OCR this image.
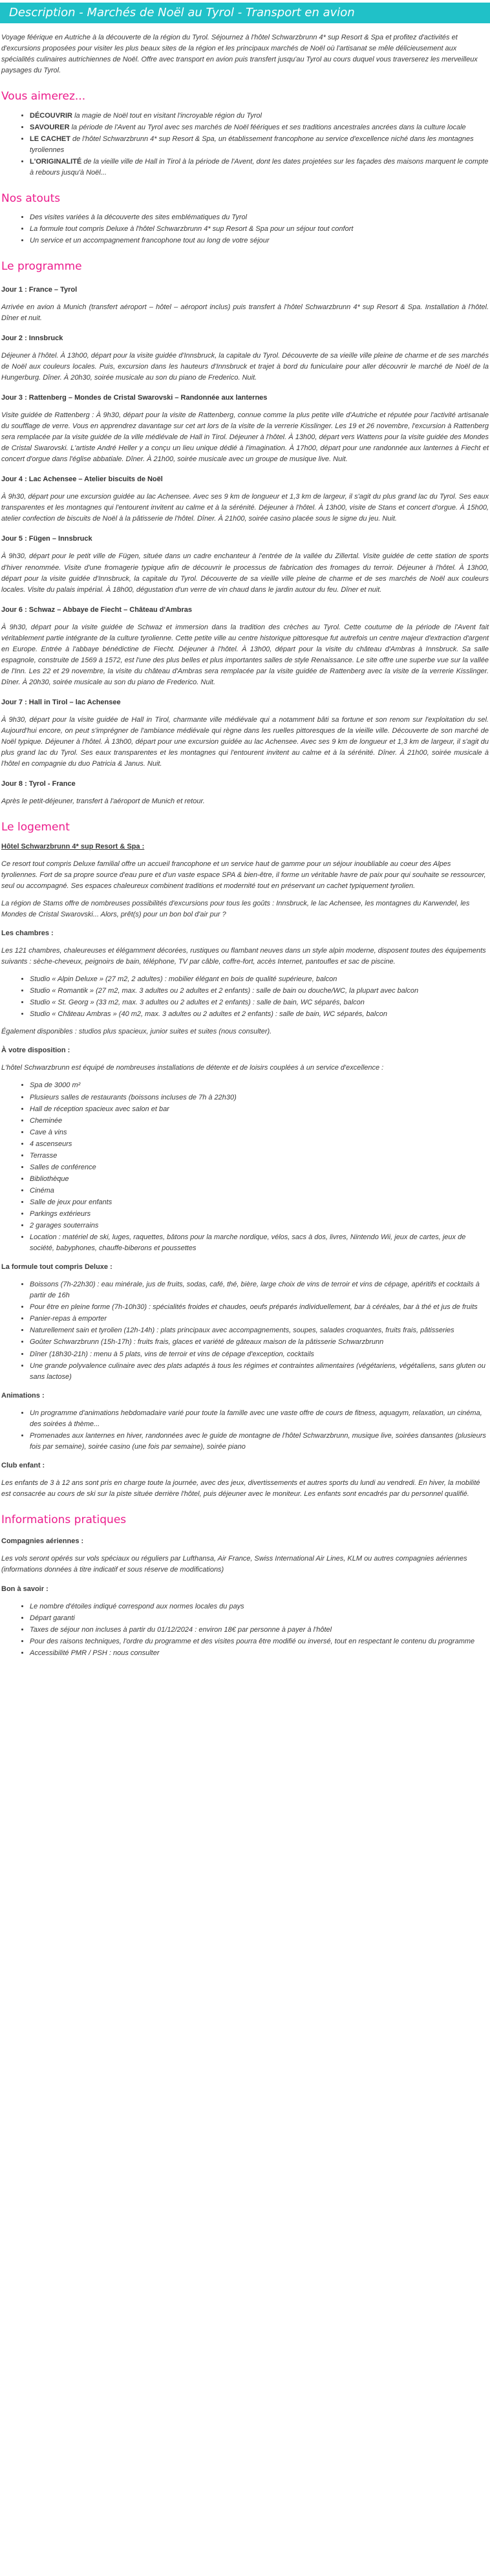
Description - Marchés de Noël au Tyrol - Transport en avion

Voyage féérique en Autriche à la découverte de la région du Tyrol. Séjournez à l'hôtel Schwarzbrunn 4* sup Resort & Spa et profitez d'activités et d'excursions proposées pour visiter les plus beaux sites de la région et les principaux marchés de Noël où l'artisanat se mêle délicieusement aux spécialités culinaires autrichiennes de Noël. Offre avec transport en avion puis transfert jusqu'au Tyrol au cours duquel vous traverserez les merveilleux paysages du Tyrol.

Vous aimerez...
• DÉCOUVRIR la magie de Noël tout en visitant l'incroyable région du Tyrol
• SAVOURER la période de l'Avent au Tyrol avec ses marchés de Noël féériques et ses traditions ancestrales ancrées dans la culture locale
• LE CACHET de l'hôtel Schwarzbrunn 4* sup Resort & Spa, un établissement francophone au service d'excellence niché dans les montagnes tyroliennes
• L'ORIGINALITÉ de la vieille ville de Hall in Tirol à la période de l'Avent, dont les dates projetées sur les façades des maisons marquent le compte à rebours jusqu'à Noël...
Nos atouts
• Des visites variées à la découverte des sites emblématiques du Tyrol
• La formule tout compris Deluxe à l'hôtel Schwarzbrunn 4* sup Resort & Spa pour un séjour tout confort
• Un service et un accompagnement francophone tout au long de votre séjour
Le programme
Jour 1 : France – Tyrol

Arrivée en avion à Munich (transfert aéroport – hôtel – aéroport inclus) puis transfert à l'hôtel Schwarzbrunn 4* sup Resort & Spa. Installation à l'hôtel. Dîner et nuit.

Jour 2 : Innsbruck

Déjeuner à l'hôtel. À 13h00, départ pour la visite guidée d'Innsbruck, la capitale du Tyrol. Découverte de sa vieille ville pleine de charme et de ses marchés de Noël aux couleurs locales. Puis, excursion dans les hauteurs d'Innsbruck et trajet à bord du funiculaire pour aller découvrir le marché de Noël de la Hungerburg. Dîner. À 20h30, soirée musicale au son du piano de Frederico. Nuit.

Jour 3 : Rattenberg – Mondes de Cristal Swarovski – Randonnée aux lanternes

Visite guidée de Rattenberg : À 9h30, départ pour la visite de Rattenberg, connue comme la plus petite ville d'Autriche et réputée pour l'activité artisanale du soufflage de verre. Vous en apprendrez davantage sur cet art lors de la visite de la verrerie Kisslinger. Les 19 et 26 novembre, l'excursion à Rattenberg sera remplacée par la visite guidée de la ville médiévale de Hall in Tirol. Déjeuner à l'hôtel. À 13h00, départ vers Wattens pour la visite guidée des Mondes de Cristal Swarovski. L'artiste André Heller y a conçu un lieu unique dédié à l'imagination. À 17h00, départ pour une randonnée aux lanternes à Fiecht et concert d'orgue dans l'église abbatiale. Dîner. À 21h00, soirée musicale avec un groupe de musique live. Nuit.

Jour 4 : Lac Achensee – Atelier biscuits de Noël

À 9h30, départ pour une excursion guidée au lac Achensee. Avec ses 9 km de longueur et 1,3 km de largeur, il s'agit du plus grand lac du Tyrol. Ses eaux transparentes et les montagnes qui l'entourent invitent au calme et à la sérénité. Déjeuner à l'hôtel. À 13h00, visite de Stans et concert d'orgue. À 15h00, atelier confection de biscuits de Noël à la pâtisserie de l'hôtel. Dîner. À 21h00, soirée casino placée sous le signe du jeu. Nuit.

Jour 5 : Fügen – Innsbruck

À 9h30, départ pour le petit ville de Fügen, située dans un cadre enchanteur à l'entrée de la vallée du Zillertal. Visite guidée de cette station de sports d'hiver renommée. Visite d'une fromagerie typique afin de découvrir le processus de fabrication des fromages du terroir. Déjeuner à l'hôtel. À 13h00, départ pour la visite guidée d'Innsbruck, la capitale du Tyrol. Découverte de sa vieille ville pleine de charme et de ses marchés de Noël aux couleurs locales. Visite du palais impérial. À 18h00, dégustation d'un verre de vin chaud dans le jardin autour du feu. Dîner et nuit.

Jour 6 : Schwaz – Abbaye de Fiecht – Château d'Ambras

À 9h30, départ pour la visite guidée de Schwaz et immersion dans la tradition des crèches au Tyrol. Cette coutume de la période de l'Avent fait véritablement partie intégrante de la culture tyrolienne. Cette petite ville au centre historique pittoresque fut autrefois un centre majeur d'extraction d'argent en Europe. Entrée à l'abbaye bénédictine de Fiecht. Déjeuner à l'hôtel. À 13h00, départ pour la visite du château d'Ambras à Innsbruck. Sa salle espagnole, construite de 1569 à 1572, est l'une des plus belles et plus importantes salles de style Renaissance. Le site offre une superbe vue sur la vallée de l'Inn. Les 22 et 29 novembre, la visite du château d'Ambras sera remplacée par la visite guidée de Rattenberg avec la visite de la verrerie Kisslinger. Dîner. À 20h30, soirée musicale au son du piano de Frederico. Nuit.

Jour 7 : Hall in Tirol – lac Achensee

À 9h30, départ pour la visite guidée de Hall in Tirol, charmante ville médiévale qui a notamment bâti sa fortune et son renom sur l'exploitation du sel. Aujourd'hui encore, on peut s'imprégner de l'ambiance médiévale qui règne dans les ruelles pittoresques de la vieille ville. Découverte de son marché de Noël typique. Déjeuner à l'hôtel. À 13h00, départ pour une excursion guidée au lac Achensee. Avec ses 9 km de longueur et 1,3 km de largeur, il s'agit du plus grand lac du Tyrol. Ses eaux transparentes et les montagnes qui l'entourent invitent au calme et à la sérénité. Dîner. À 21h00, soirée musicale à l'hôtel en compagnie du duo Patricia & Janus. Nuit.

Jour 8 : Tyrol - France

Après le petit-déjeuner, transfert à l'aéroport de Munich et retour.

Le logement

Hôtel Schwarzbrunn 4* sup Resort & Spa :

Ce resort tout compris Deluxe familial offre un accueil francophone et un service haut de gamme pour un séjour inoubliable au coeur des Alpes tyroliennes. Fort de sa propre source d'eau pure et d'un vaste espace SPA & bien-être, il forme un véritable havre de paix pour qui souhaite se ressourcer, seul ou accompagné. Ses espaces chaleureux combinent traditions et modernité tout en préservant un cachet typiquement tyrolien.

La région de Stams offre de nombreuses possibilités d'excursions pour tous les goûts : Innsbruck, le lac Achensee, les montagnes du Karwendel, les Mondes de Cristal Swarovski... Alors, prêt(s) pour un bon bol d'air pur ?

Les chambres :

Les 121 chambres, chaleureuses et élégamment décorées, rustiques ou flambant neuves dans un style alpin moderne, disposent toutes des équipements suivants : sèche-cheveux, peignoirs de bain, téléphone, TV par câble, coffre-fort, accès Internet, pantoufles et sac de piscine.

• Studio « Alpin Deluxe » (27 m2, 2 adultes) : mobilier élégant en bois de qualité supérieure, balcon
• Studio « Romantik » (27 m2, max. 3 adultes ou 2 adultes et 2 enfants) : salle de bain ou douche/WC, la plupart avec balcon
• Studio « St. Georg » (33 m2, max. 3 adultes ou 2 adultes et 2 enfants) : salle de bain, WC séparés, balcon
• Studio « Château Ambras » (40 m2, max. 3 adultes ou 2 adultes et 2 enfants) : salle de bain, WC séparés, balcon

Également disponibles : studios plus spacieux, junior suites et suites (nous consulter).

À votre disposition :

L'hôtel Schwarzbrunn est équipé de nombreuses installations de détente et de loisirs couplées à un service d'excellence :

• Spa de 3000 m²
• Plusieurs salles de restaurants (boissons incluses de 7h à 22h30)
• Hall de réception spacieux avec salon et bar
• Cheminée
• Cave à vins
• 4 ascenseurs
• Terrasse
• Salles de conférence
• Bibliothèque
• Cinéma
• Salle de jeux pour enfants
• Parkings extérieurs
• 2 garages souterrains
• Location : matériel de ski, luges, raquettes, bâtons pour la marche nordique, vélos, sacs à dos, livres, Nintendo Wii, jeux de cartes, jeux de société, babyphones, chauffe-biberons et poussettes

La formule tout compris Deluxe :

• Boissons (7h-22h30) : eau minérale, jus de fruits, sodas, café, thé, bière, large choix de vins de terroir et vins de cépage, apéritifs et cocktails à partir de 16h
• Pour être en pleine forme (7h-10h30) : spécialités froides et chaudes, oeufs préparés individuellement, bar à céréales, bar à thé et jus de fruits
• Panier-repas à emporter
• Naturellement sain et tyrolien (12h-14h) : plats principaux avec accompagnements, soupes, salades croquantes, fruits frais, pâtisseries
• Goûter Schwarzbrunn (15h-17h) : fruits frais, glaces et variété de gâteaux maison de la pâtisserie Schwarzbrunn
• Dîner (18h30-21h) : menu à 5 plats, vins de terroir et vins de cépage d'exception, cocktails
• Une grande polyvalence culinaire avec des plats adaptés à tous les régimes et contraintes alimentaires (végétariens, végétaliens, sans gluten ou sans lactose)

Animations :

• Un programme d'animations hebdomadaire varié pour toute la famille avec une vaste offre de cours de fitness, aquagym, relaxation, un cinéma, des soirées à thème...
• Promenades aux lanternes en hiver, randonnées avec le guide de montagne de l'hôtel Schwarzbrunn, musique live, soirées dansantes (plusieurs fois par semaine), soirée casino (une fois par semaine), soirée piano

Club enfant :

Les enfants de 3 à 12 ans sont pris en charge toute la journée, avec des jeux, divertissements et autres sports du lundi au vendredi. En hiver, la mobilité est consacrée au cours de ski sur la piste située derrière l'hôtel, puis déjeuner avec le moniteur. Les enfants sont encadrés par du personnel qualifié.

Informations pratiques

Compagnies aériennes :

Les vols seront opérés sur vols spéciaux ou réguliers par Lufthansa, Air France, Swiss International Air Lines, KLM ou autres compagnies aériennes (informations données à titre indicatif et sous réserve de modifications)

Bon à savoir :

• Le nombre d'étoiles indiqué correspond aux normes locales du pays
• Départ garanti
• Taxes de séjour non incluses à partir du 01/12/2024 : environ 18€ par personne à payer à l'hôtel
• Pour des raisons techniques, l'ordre du programme et des visites pourra être modifié ou inversé, tout en respectant le contenu du programme
• Accessibilité PMR / PSH : nous consulter
